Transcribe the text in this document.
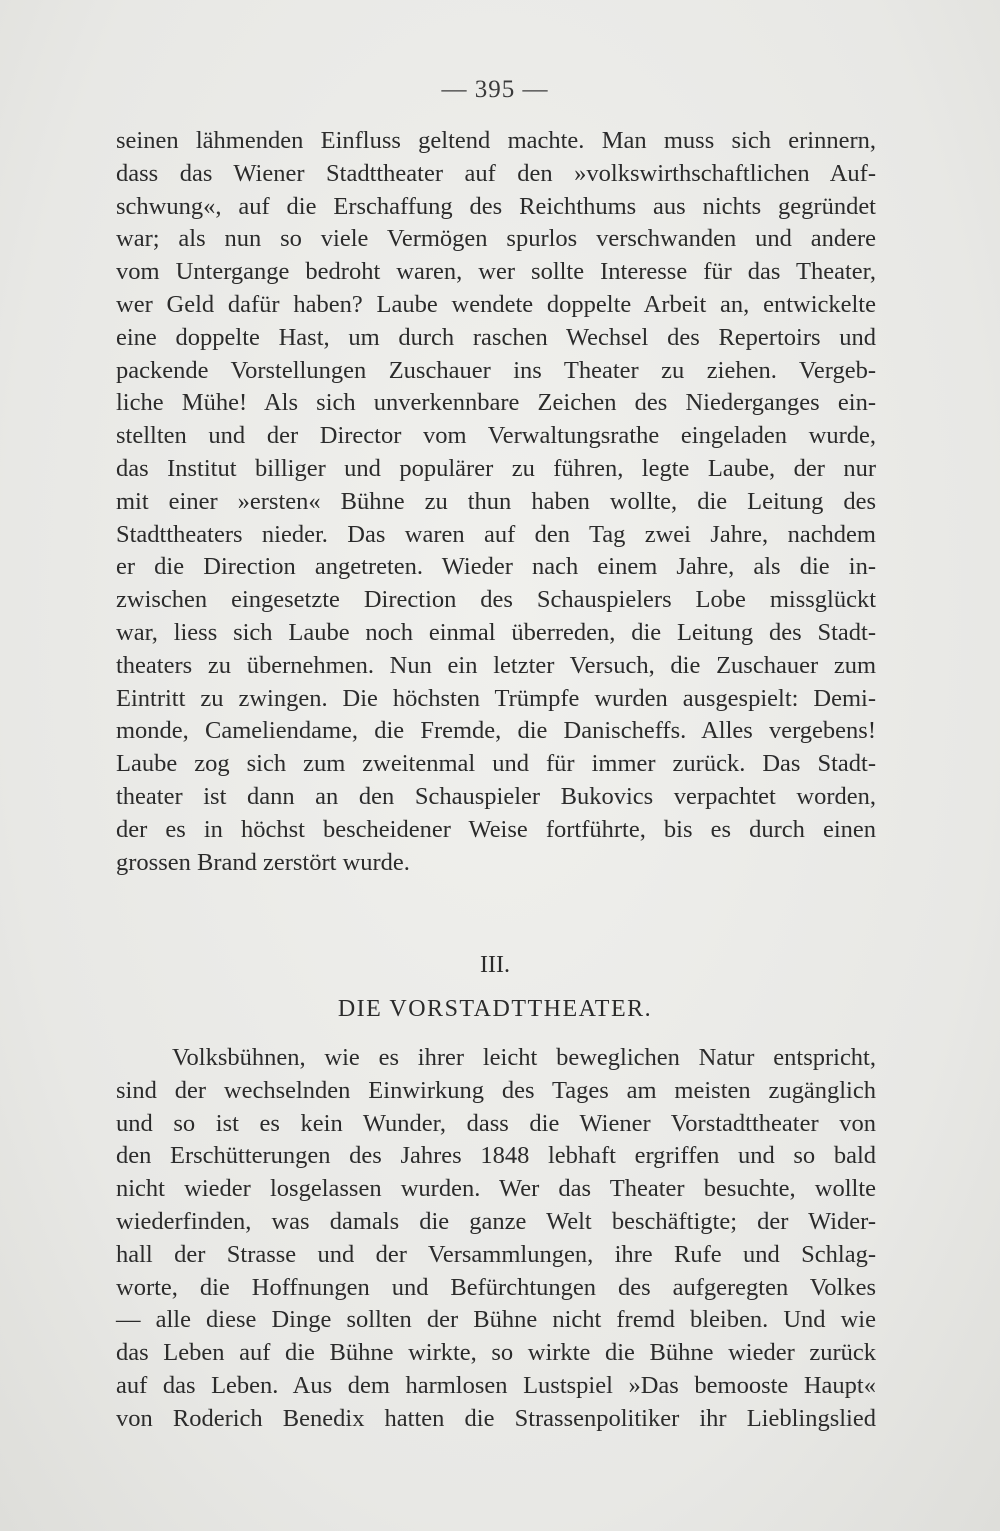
— 395 —
seinen lähmenden Einfluss geltend machte. Man muss sich erinnern,
dass das Wiener Stadttheater auf den »volkswirthschaftlichen Auf-
schwung«, auf die Erschaffung des Reichthums aus nichts gegründet
war; als nun so viele Vermögen spurlos verschwanden und andere
vom Untergange bedroht waren, wer sollte Interesse für das Theater,
wer Geld dafür haben? Laube wendete doppelte Arbeit an, entwickelte
eine doppelte Hast, um durch raschen Wechsel des Repertoirs und
packende Vorstellungen Zuschauer ins Theater zu ziehen. Vergeb-
liche Mühe! Als sich unverkennbare Zeichen des Niederganges ein-
stellten und der Director vom Verwaltungsrathe eingeladen wurde,
das Institut billiger und populärer zu führen, legte Laube, der nur
mit einer »ersten« Bühne zu thun haben wollte, die Leitung des
Stadttheaters nieder. Das waren auf den Tag zwei Jahre, nachdem
er die Direction angetreten. Wieder nach einem Jahre, als die in-
zwischen eingesetzte Direction des Schauspielers Lobe missglückt
war, liess sich Laube noch einmal überreden, die Leitung des Stadt-
theaters zu übernehmen. Nun ein letzter Versuch, die Zuschauer zum
Eintritt zu zwingen. Die höchsten Trümpfe wurden ausgespielt: Demi-
monde, Cameliendame, die Fremde, die Danischeffs. Alles vergebens!
Laube zog sich zum zweitenmal und für immer zurück. Das Stadt-
theater ist dann an den Schauspieler Bukovics verpachtet worden,
der es in höchst bescheidener Weise fortführte, bis es durch einen
grossen Brand zerstört wurde.
III.
DIE VORSTADTTHEATER.
Volksbühnen, wie es ihrer leicht beweglichen Natur entspricht,
sind der wechselnden Einwirkung des Tages am meisten zugänglich
und so ist es kein Wunder, dass die Wiener Vorstadttheater von
den Erschütterungen des Jahres 1848 lebhaft ergriffen und so bald
nicht wieder losgelassen wurden. Wer das Theater besuchte, wollte
wiederfinden, was damals die ganze Welt beschäftigte; der Wider-
hall der Strasse und der Versammlungen, ihre Rufe und Schlag-
worte, die Hoffnungen und Befürchtungen des aufgeregten Volkes
— alle diese Dinge sollten der Bühne nicht fremd bleiben. Und wie
das Leben auf die Bühne wirkte, so wirkte die Bühne wieder zurück
auf das Leben. Aus dem harmlosen Lustspiel »Das bemooste Haupt«
von Roderich Benedix hatten die Strassenpolitiker ihr Lieblingslied
